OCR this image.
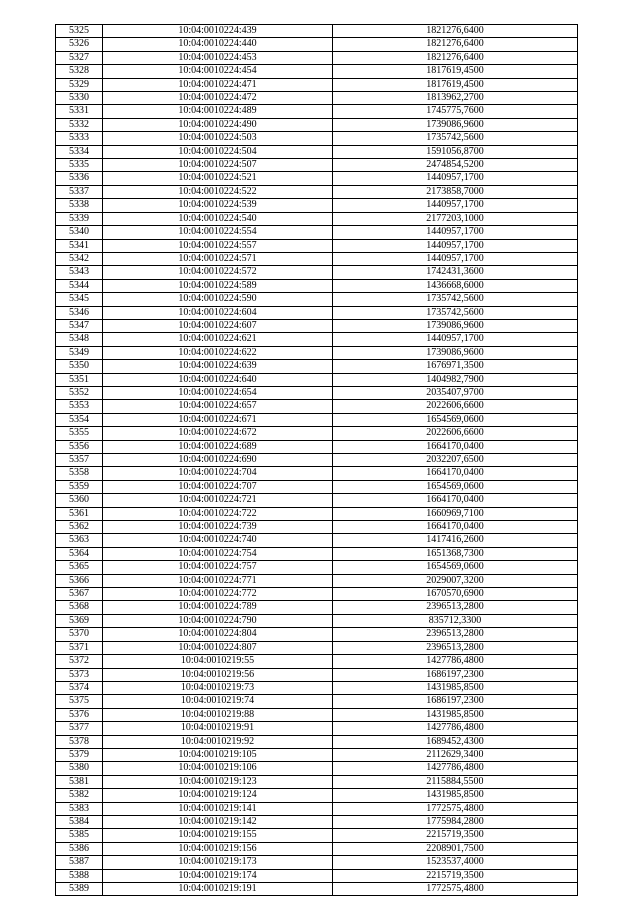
5325	10:04:0010224:439	1821276,6400
5326	10:04:0010224:440	1821276,6400
5327	10:04:0010224:453	1821276,6400
5328	10:04:0010224:454	1817619,4500
5329	10:04:0010224:471	1817619,4500
5330	10:04:0010224:472	1813962,2700
5331	10:04:0010224:489	1745775,7600
5332	10:04:0010224:490	1739086,9600
5333	10:04:0010224:503	1735742,5600
5334	10:04:0010224:504	1591056,8700
5335	10:04:0010224:507	2474854,5200
5336	10:04:0010224:521	1440957,1700
5337	10:04:0010224:522	2173858,7000
5338	10:04:0010224:539	1440957,1700
5339	10:04:0010224:540	2177203,1000
5340	10:04:0010224:554	1440957,1700
5341	10:04:0010224:557	1440957,1700
5342	10:04:0010224:571	1440957,1700
5343	10:04:0010224:572	1742431,3600
5344	10:04:0010224:589	1436668,6000
5345	10:04:0010224:590	1735742,5600
5346	10:04:0010224:604	1735742,5600
5347	10:04:0010224:607	1739086,9600
5348	10:04:0010224:621	1440957,1700
5349	10:04:0010224:622	1739086,9600
5350	10:04:0010224:639	1676971,3500
5351	10:04:0010224:640	1404982,7900
5352	10:04:0010224:654	2035407,9700
5353	10:04:0010224:657	2022606,6600
5354	10:04:0010224:671	1654569,0600
5355	10:04:0010224:672	2022606,6600
5356	10:04:0010224:689	1664170,0400
5357	10:04:0010224:690	2032207,6500
5358	10:04:0010224:704	1664170,0400
5359	10:04:0010224:707	1654569,0600
5360	10:04:0010224:721	1664170,0400
5361	10:04:0010224:722	1660969,7100
5362	10:04:0010224:739	1664170,0400
5363	10:04:0010224:740	1417416,2600
5364	10:04:0010224:754	1651368,7300
5365	10:04:0010224:757	1654569,0600
5366	10:04:0010224:771	2029007,3200
5367	10:04:0010224:772	1670570,6900
5368	10:04:0010224:789	2396513,2800
5369	10:04:0010224:790	835712,3300
5370	10:04:0010224:804	2396513,2800
5371	10:04:0010224:807	2396513,2800
5372	10:04:0010219:55	1427786,4800
5373	10:04:0010219:56	1686197,2300
5374	10:04:0010219:73	1431985,8500
5375	10:04:0010219:74	1686197,2300
5376	10:04:0010219:88	1431985,8500
5377	10:04:0010219:91	1427786,4800
5378	10:04:0010219:92	1689452,4300
5379	10:04:0010219:105	2112629,3400
5380	10:04:0010219:106	1427786,4800
5381	10:04:0010219:123	2115884,5500
5382	10:04:0010219:124	1431985,8500
5383	10:04:0010219:141	1772575,4800
5384	10:04:0010219:142	1775984,2800
5385	10:04:0010219:155	2215719,3500
5386	10:04:0010219:156	2208901,7500
5387	10:04:0010219:173	1523537,4000
5388	10:04:0010219:174	2215719,3500
5389	10:04:0010219:191	1772575,4800
